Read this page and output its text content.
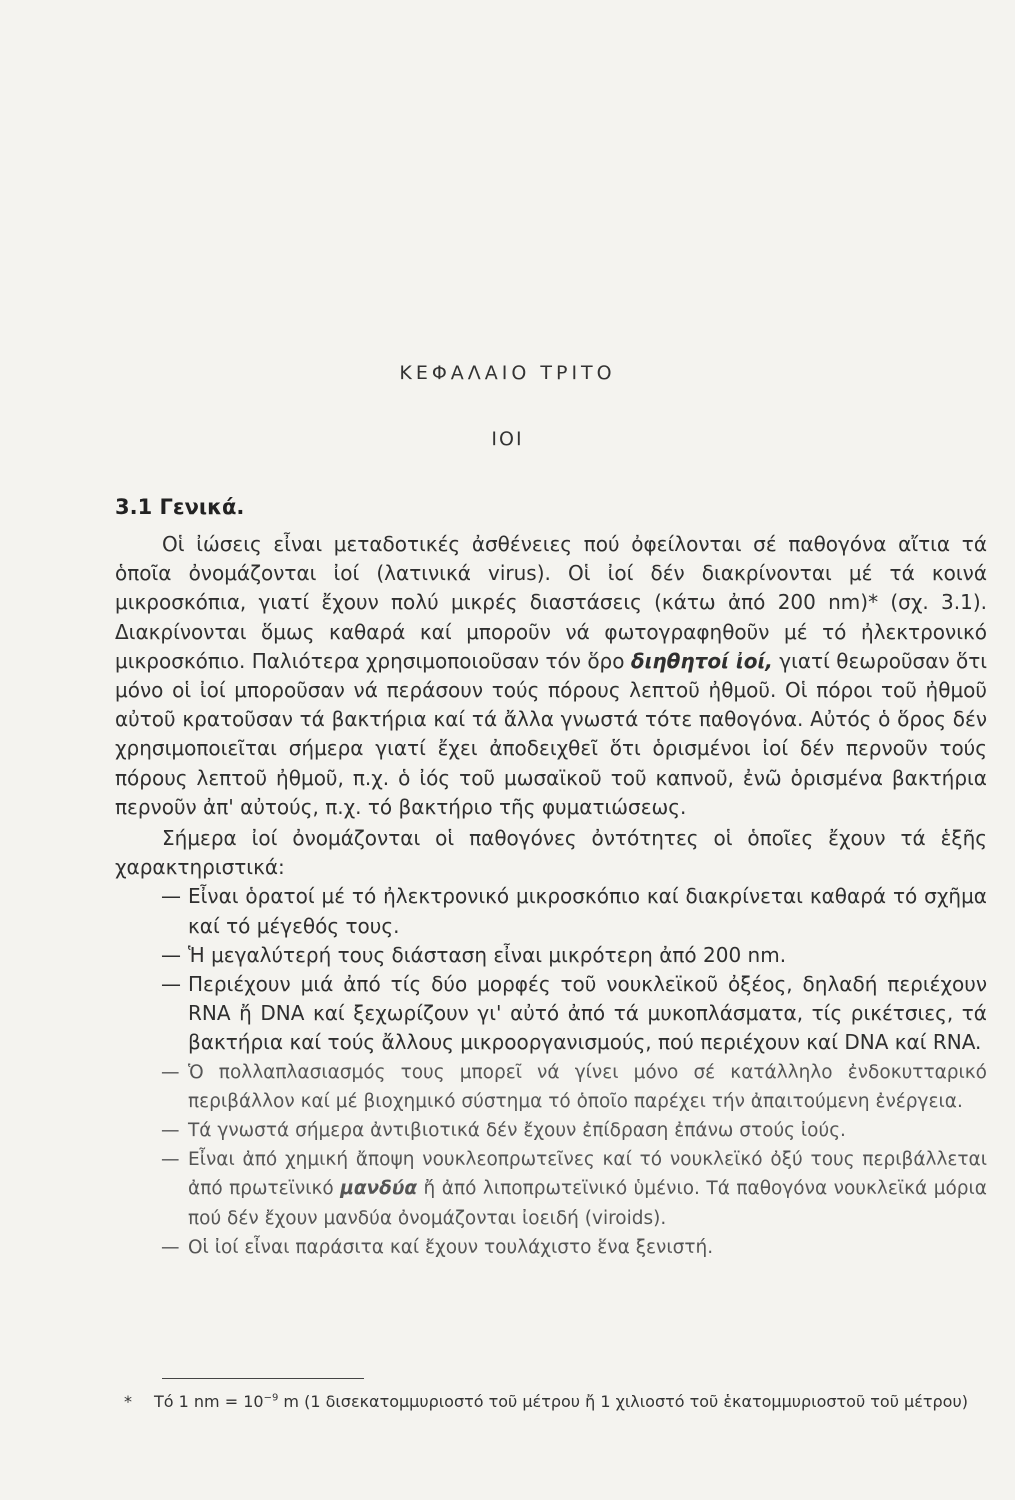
ΚΕΦΑΛΑΙΟ ΤΡΙΤΟ
ΙΟΙ
3.1 Γενικά.

Οἱ ἰώσεις εἶναι μεταδοτικές ἀσθένειες πού ὀφείλονται σέ παθογόνα αἴτια τά ὁποῖα ὀνομάζονται ἰοί (λατινικά virus). Οἱ ἰοί δέν διακρίνονται μέ τά κοινά μικροσκόπια, γιατί ἔχουν πολύ μικρές διαστάσεις (κάτω ἀπό 200 nm)* (σχ. 3.1). Διακρίνονται ὅμως καθαρά καί μποροῦν νά φωτογραφηθοῦν μέ τό ἠλεκτρονικό μικροσκόπιο. Παλιότερα χρησιμοποιοῦσαν τόν ὅρο διηθητοί ἰοί, γιατί θεωροῦσαν ὅτι μόνο οἱ ἰοί μποροῦσαν νά περάσουν τούς πόρους λεπτοῦ ἠθμοῦ. Οἱ πόροι τοῦ ἠθμοῦ αὐτοῦ κρατοῦσαν τά βακτήρια καί τά ἄλλα γνωστά τότε παθογόνα. Αὐτός ὁ ὅρος δέν χρησιμοποιεῖται σήμερα γιατί ἔχει ἀποδειχθεῖ ὅτι ὁρισμένοι ἰοί δέν περνοῦν τούς πόρους λεπτοῦ ἠθμοῦ, π.χ. ὁ ἰός τοῦ μωσαϊκοῦ τοῦ καπνοῦ, ἐνῶ ὁρισμένα βακτήρια περνοῦν ἀπ' αὐτούς, π.χ. τό βακτήριο τῆς φυματιώσεως.

Σήμερα ἰοί ὀνομάζονται οἱ παθογόνες ὀντότητες οἱ ὁποῖες ἔχουν τά ἑξῆς χαρακτηριστικά:

— Εἶναι ὁρατοί μέ τό ἠλεκτρονικό μικροσκόπιο καί διακρίνεται καθαρά τό σχῆμα καί τό μέγεθός τους.
— Ἡ μεγαλύτερή τους διάσταση εἶναι μικρότερη ἀπό 200 nm.
— Περιέχουν μιά ἀπό τίς δύο μορφές τοῦ νουκλεϊκοῦ ὀξέος, δηλαδή περιέχουν RNA ἤ DNA καί ξεχωρίζουν γι' αὐτό ἀπό τά μυκοπλάσματα, τίς ρικέτσιες, τά βακτήρια καί τούς ἄλλους μικροοργανισμούς, πού περιέχουν καί DNA καί RNA.
— Ὁ πολλαπλασιασμός τους μπορεῖ νά γίνει μόνο σέ κατάλληλο ἐνδοκυτταρικό περιβάλλον καί μέ βιοχημικό σύστημα τό ὁποῖο παρέχει τήν ἀπαιτούμενη ἐνέργεια.
— Τά γνωστά σήμερα ἀντιβιοτικά δέν ἔχουν ἐπίδραση ἐπάνω στούς ἰούς.
— Εἶναι ἀπό χημική ἄποψη νουκλεοπρωτεῖνες καί τό νουκλεϊκό ὀξύ τους περιβάλλεται ἀπό πρωτεϊνικό μανδύα ἤ ἀπό λιποπρωτεϊνικό ὑμένιο. Τά παθογόνα νουκλεϊκά μόρια πού δέν ἔχουν μανδύα ὀνομάζονται ἰοειδή (viroids).
— Οἱ ἰοί εἶναι παράσιτα καί ἔχουν τουλάχιστο ἕνα ξενιστή.
* Τό 1 nm = $10^{-9}$ m (1 δισεκατομμυριοστό τοῦ μέτρου ἤ 1 χιλιοστό τοῦ ἑκατομμυριοστοῦ τοῦ μέτρου)
